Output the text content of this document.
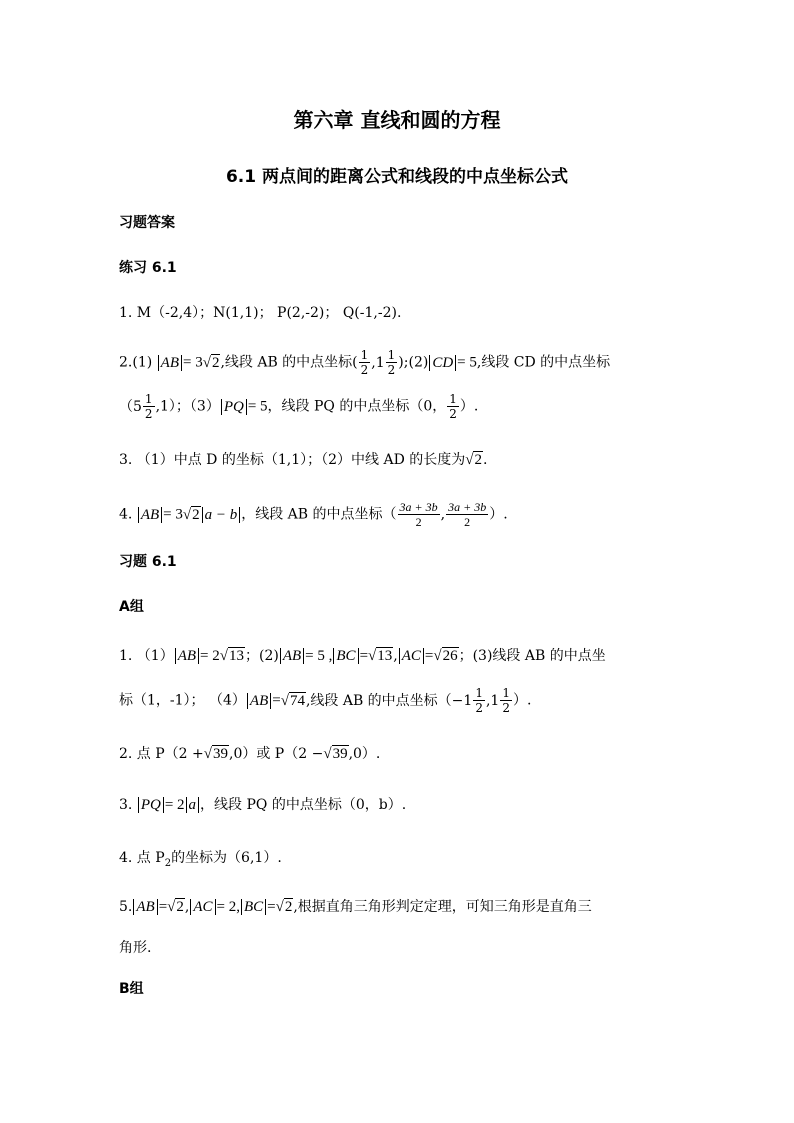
第六章 直线和圆的方程
6.1 两点间的距离公式和线段的中点坐标公式
习题答案
练习 6.1
1. M（-2,4）；N(1,1)； P(2,-2)； Q(-1,-2).
2.(1) AB = 3√2,线段 AB 的中点坐标( $\frac{1}{2} ,1$ 1
2 );(2) CD = 5,线段 CD 的中点坐标
（5 1
2 ,1）；（3） PQ = 5，线段 PQ 的中点坐标（0， $\frac{1}{2}$ ）.
3. （1）中点 D 的坐标（1,1）；（2）中线 AD 的长度为√2.
4. AB = 3√2 a − b ，线段 AB 的中点坐标（ $\frac{3a + 3b}{2}$ , $\frac{3a + 3b}{2}$ ）.
习题 6.1
A组
1. （1） AB = 2√13；(2) AB = 5 , BC =√13, AC =√26；(3)线段 AB 的中点坐
标（1，-1）； （4） AB =√74 ,线段 AB 的中点坐标（−1 1
2 ,1 1
2 ）.
2. 点 P（2 +√39,0）或 P（2 −√39,0）.
3. PQ = 2 a ，线段 PQ 的中点坐标（0，b）.
4. 点 $P_2$的坐标为（6,1）.
5. AB =√2, AC = 2, BC =√2,根据直角三角形判定定理，可知三角形是直角三
角形.
B组
